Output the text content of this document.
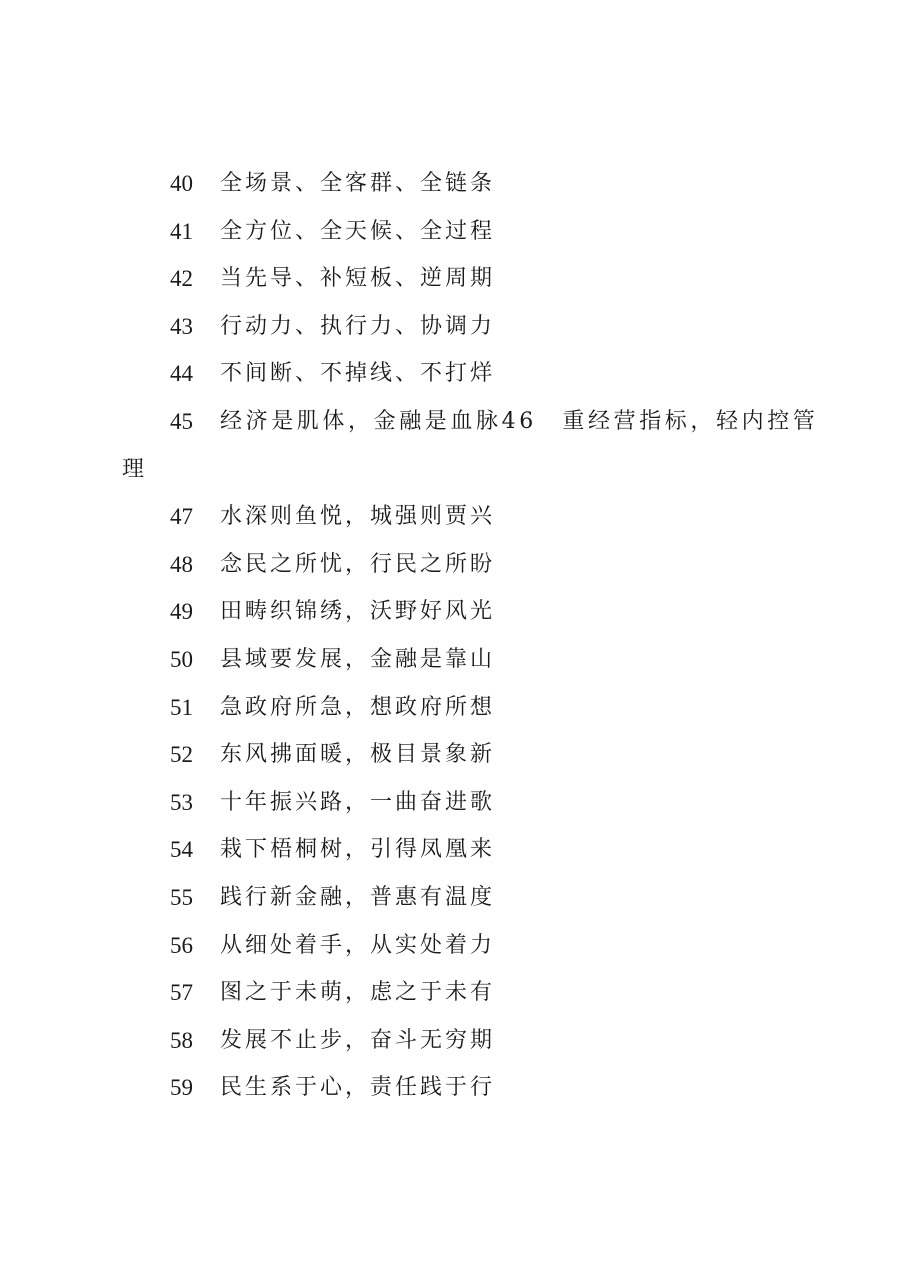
40 全场景、全客群、全链条
41 全方位、全天候、全过程
42 当先导、补短板、逆周期
43 行动力、执行力、协调力
44 不间断、不掉线、不打烊
45 经济是肌体，金融是血脉46　重经营指标，轻内控管
理
47 水深则鱼悦，城强则贾兴
48 念民之所忧，行民之所盼
49 田畴织锦绣，沃野好风光
50 县域要发展，金融是靠山
51 急政府所急，想政府所想
52 东风拂面暖，极目景象新
53 十年振兴路，一曲奋进歌
54 栽下梧桐树，引得凤凰来
55 践行新金融，普惠有温度
56 从细处着手，从实处着力
57 图之于未萌，虑之于未有
58 发展不止步，奋斗无穷期
59 民生系于心，责任践于行
